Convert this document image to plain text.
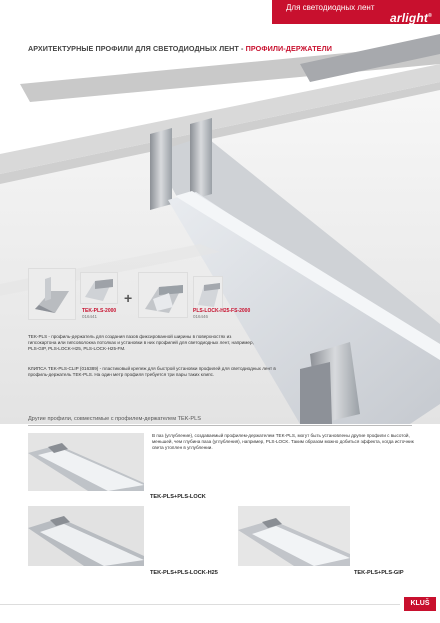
Для светодиодных лент
arlight®
АРХИТЕКТУРНЫЕ ПРОФИЛИ ДЛЯ СВЕТОДИОДНЫХ ЛЕНТ - ПРОФИЛИ-ДЕРЖАТЕЛИ
+
TEK-PLS-2000
016441
PLS-LOCK-H25-FS-2000
016446
TEK-PLS - профиль-держатель для создания пазов фиксированной ширины в поверхностях из гипсокартона или гипсоволокна потолках и установки в них профилей для светодиодных лент, например, PLS-GIP, PLS-LOCK-H25, PLS-LOCK-H25-FM.
КЛИПСА TEK-PLS-CLIP (016389) - пластиковый крепеж для быстрой установки профилей для светодиодных лент в профиль-держатель TEK-PLS. На один метр профиля требуется три пары таких клипс.
Другие профили, совместимые с профилем-держателем TEK-PLS
В паз (углубление), создаваемый профилем-держателем TEK-PLS, могут быть установлены другие профили с высотой, меньшей, чем глубина паза (углубления), например, PLS-LOCK. Таким образом можно добиться эффекта, когда источник света утоплен в углублении.
TEK-PLS+PLS-LOCK
TEK-PLS+PLS-LOCK-H25	TEK-PLS+PLS-GIP
KLUŠ
